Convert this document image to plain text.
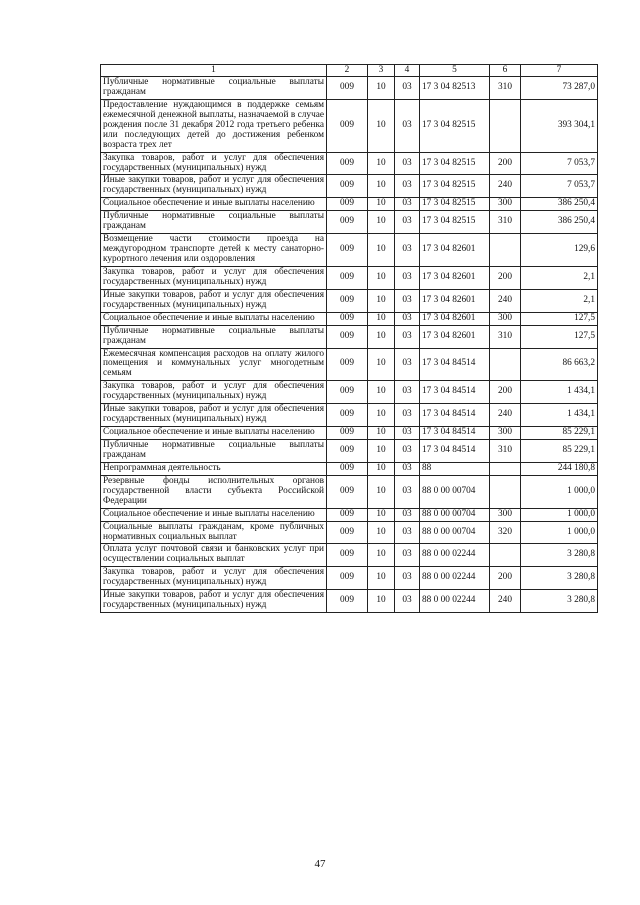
1	2	3	4	5	6	7
Публичные нормативные социальные выплаты гражданам	009	10	03	17 3 04 82513	310	73 287,0
Предоставление нуждающимся в поддержке семьям ежемесячной денежной выплаты, назначаемой в случае рождения после 31 декабря 2012 года третьего ребенка или последующих детей до достижения ребенком возраста трех лет	009	10	03	17 3 04 82515		393 304,1
Закупка товаров, работ и услуг для обеспечения государственных (муниципальных) нужд	009	10	03	17 3 04 82515	200	7 053,7
Иные закупки товаров, работ и услуг для обеспечения государственных (муниципальных) нужд	009	10	03	17 3 04 82515	240	7 053,7
Социальное обеспечение и иные выплаты населению	009	10	03	17 3 04 82515	300	386 250,4
Публичные нормативные социальные выплаты гражданам	009	10	03	17 3 04 82515	310	386 250,4
Возмещение части стоимости проезда на междугородном транспорте детей к месту санаторно-курортного лечения или оздоровления	009	10	03	17 3 04 82601		129,6
Закупка товаров, работ и услуг для обеспечения государственных (муниципальных) нужд	009	10	03	17 3 04 82601	200	2,1
Иные закупки товаров, работ и услуг для обеспечения государственных (муниципальных) нужд	009	10	03	17 3 04 82601	240	2,1
Социальное обеспечение и иные выплаты населению	009	10	03	17 3 04 82601	300	127,5
Публичные нормативные социальные выплаты гражданам	009	10	03	17 3 04 82601	310	127,5
Ежемесячная компенсация расходов на оплату жилого помещения и коммунальных услуг многодетным семьям	009	10	03	17 3 04 84514		86 663,2
Закупка товаров, работ и услуг для обеспечения государственных (муниципальных) нужд	009	10	03	17 3 04 84514	200	1 434,1
Иные закупки товаров, работ и услуг для обеспечения государственных (муниципальных) нужд	009	10	03	17 3 04 84514	240	1 434,1
Социальное обеспечение и иные выплаты населению	009	10	03	17 3 04 84514	300	85 229,1
Публичные нормативные социальные выплаты гражданам	009	10	03	17 3 04 84514	310	85 229,1
Непрограммная деятельность	009	10	03	88		244 180,8
Резервные фонды исполнительных органов государственной власти субъекта Российской Федерации	009	10	03	88 0 00 00704		1 000,0
Социальное обеспечение и иные выплаты населению	009	10	03	88 0 00 00704	300	1 000,0
Социальные выплаты гражданам, кроме публичных нормативных социальных выплат	009	10	03	88 0 00 00704	320	1 000,0
Оплата услуг почтовой связи и банковских услуг при осуществлении социальных выплат	009	10	03	88 0 00 02244		3 280,8
Закупка товаров, работ и услуг для обеспечения государственных (муниципальных) нужд	009	10	03	88 0 00 02244	200	3 280,8
Иные закупки товаров, работ и услуг для обеспечения государственных (муниципальных) нужд	009	10	03	88 0 00 02244	240	3 280,8
47
